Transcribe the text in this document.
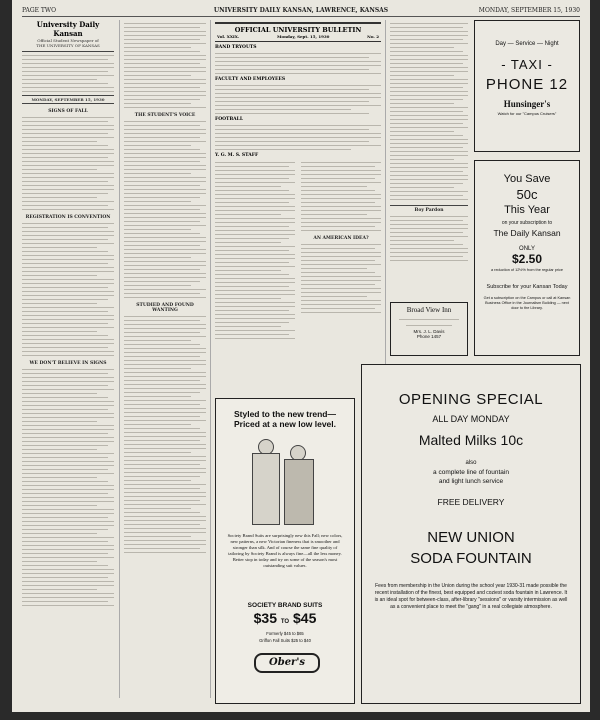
PAGE TWO	UNIVERSITY DAILY KANSAN, LAWRENCE, KANSAS	MONDAY, SEPTEMBER 15, 1930
University Daily Kansan
Official Student Newspaper of
THE UNIVERSITY OF KANSAS
MONDAY, SEPTEMBER 15, 1930
SIGNS OF FALL
REGISTRATION IS CONVENTION
WE DON'T BELIEVE IN SIGNS
THE STUDENT'S VOICE
STUDIED AND FOUND WANTING
OFFICIAL UNIVERSITY BULLETIN
Vol. XXIX.	Monday, Sept. 15, 1930	No. 2
BAND TRYOUTS
FACULTY AND EMPLOYEES
FOOTBALL
Y. G. M. S. STAFF
AN AMERICAN IDEA?
Styled to the new trend—
Priced at a new low level.
Society Brand Suits are surprisingly new this Fall; new colors, new patterns, a new Victorian fineness that is smoother and stronger than silk. And of course the same fine quality of tailoring by Society Brand is always fine—all the less money. Better stop in today and try on some of the season's most outstanding suit values.
SOCIETY BRAND SUITS
$35 TO $45
Formerly $45 to $65
Griffon Fall Suits $25 to $40
Ober's
Boy Pardon
Broad View Inn
Mrs. J. L. Davis
Phone 1457
Day — Service — Night
- TAXI -
PHONE 12
Hunsinger's
Watch for our "Campus Cruisers"
You Save
50c
This Year
on your subscription to
The Daily Kansan
ONLY
$2.50
a reduction of 12½% from the regular price
Subscribe for your Kansan Today
Get a subscription on the Campus or call at Kansan Business Office in the Journalism Building — next door to the Library.
OPENING SPECIAL
ALL DAY MONDAY
Malted Milks 10c
also
a complete line of fountain
and light lunch service
FREE DELIVERY
NEW UNION
SODA FOUNTAIN
Fees from membership in the Union during the school year 1930-31 made possible the recent installation of the finest, best equipped and coziest soda fountain in Lawrence. It is an ideal spot for between-class, after-library "sessions" or varsity intermission as well as a convenient place to meet the "gang" in a real collegiate atmosphere.
